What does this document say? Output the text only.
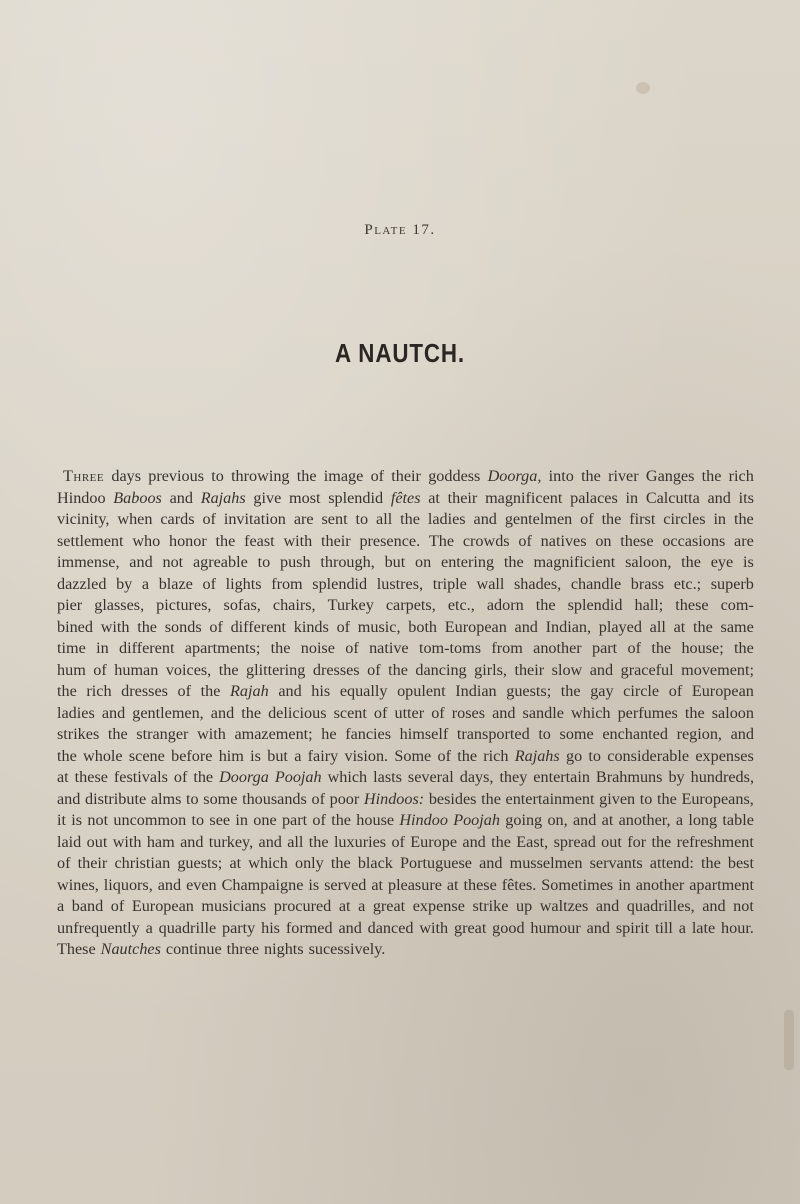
Plate 17.
A NAUTCH.
Three days previous to throwing the image of their goddess Doorga, into the river Ganges the rich
Hindoo Baboos and Rajahs give most splendid fêtes at their magnificent palaces in Calcutta and its
vicinity, when cards of invitation are sent to all the ladies and gentelmen of the first circles in the
settlement who honor the feast with their presence. The crowds of natives on these occasions are
immense, and not agreable to push through, but on entering the magnificient saloon, the eye is
dazzled by a blaze of lights from splendid lustres, triple wall shades, chandle brass etc.; superb
pier glasses, pictures, sofas, chairs, Turkey carpets, etc., adorn the splendid hall; these com-
bined with the sonds of different kinds of music, both European and Indian, played all at the same
time in different apartments; the noise of native tom-toms from another part of the house; the
hum of human voices, the glittering dresses of the dancing girls, their slow and graceful movement;
the rich dresses of the Rajah and his equally opulent Indian guests; the gay circle of European
ladies and gentlemen, and the delicious scent of utter of roses and sandle which perfumes the saloon
strikes the stranger with amazement; he fancies himself transported to some enchanted region, and
the whole scene before him is but a fairy vision. Some of the rich Rajahs go to considerable expenses
at these festivals of the Doorga Poojah which lasts several days, they entertain Brahmuns by hundreds,
and distribute alms to some thousands of poor Hindoos: besides the entertainment given to the Europeans,
it is not uncommon to see in one part of the house Hindoo Poojah going on, and at another, a long table
laid out with ham and turkey, and all the luxuries of Europe and the East, spread out for the refreshment
of their christian guests; at which only the black Portuguese and musselmen servants attend: the best
wines, liquors, and even Champaigne is served at pleasure at these fêtes. Sometimes in another apartment
a band of European musicians procured at a great expense strike up waltzes and quadrilles, and not
unfrequently a quadrille party his formed and danced with great good humour and spirit till a late hour.
These Nautches continue three nights sucessively.
